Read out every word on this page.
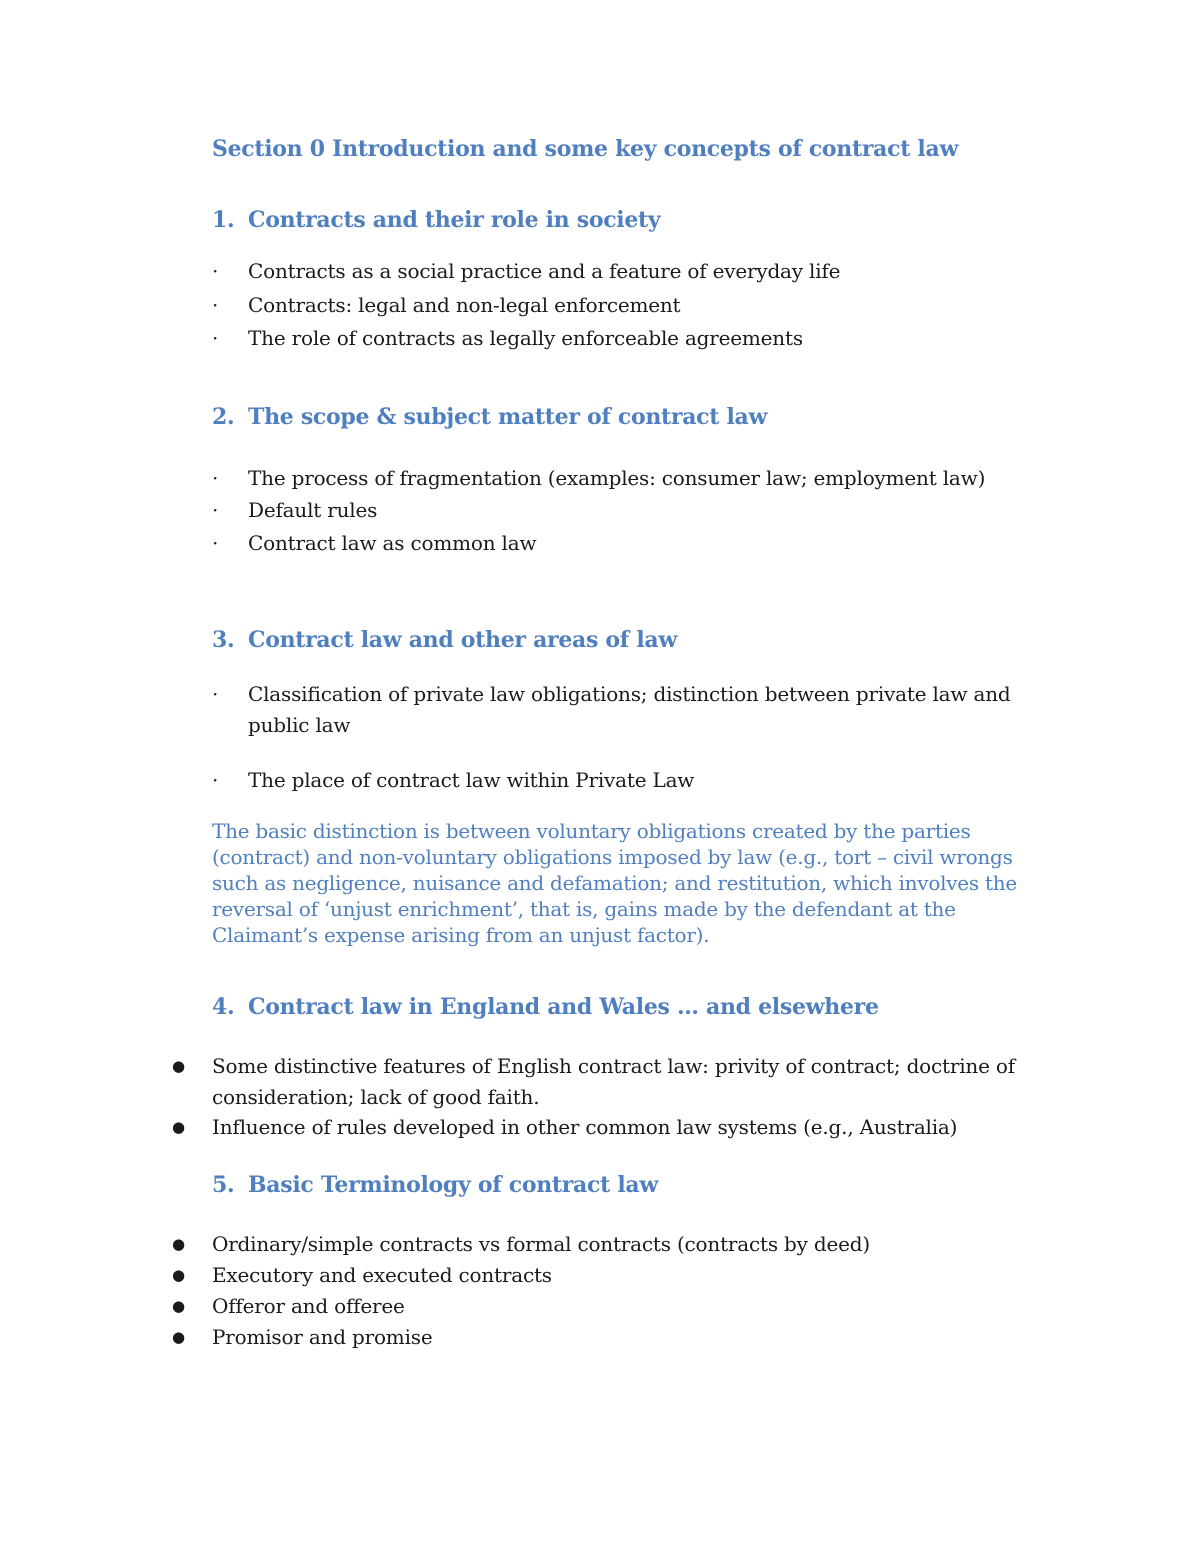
Section 0 Introduction and some key concepts of contract law
1. Contracts and their role in society
·	Contracts as a social practice and a feature of everyday life
·	Contracts: legal and non-legal enforcement
·	The role of contracts as legally enforceable agreements
2. The scope & subject matter of contract law
·	The process of fragmentation (examples: consumer law; employment law)
·	Default rules
·	Contract law as common law
3. Contract law and other areas of law
·	Classification of private law obligations; distinction between private law and public law
·	The place of contract law within Private Law
The basic distinction is between voluntary obligations created by the parties (contract) and non-voluntary obligations imposed by law (e.g., tort – civil wrongs such as negligence, nuisance and defamation; and restitution, which involves the reversal of ‘unjust enrichment’, that is, gains made by the defendant at the Claimant’s expense arising from an unjust factor).
4. Contract law in England and Wales … and elsewhere
●	Some distinctive features of English contract law: privity of contract; doctrine of consideration; lack of good faith.
●	Influence of rules developed in other common law systems (e.g., Australia)
5. Basic Terminology of contract law
●	Ordinary/simple contracts vs formal contracts (contracts by deed)
●	Executory and executed contracts
●	Offeror and offeree
●	Promisor and promise
